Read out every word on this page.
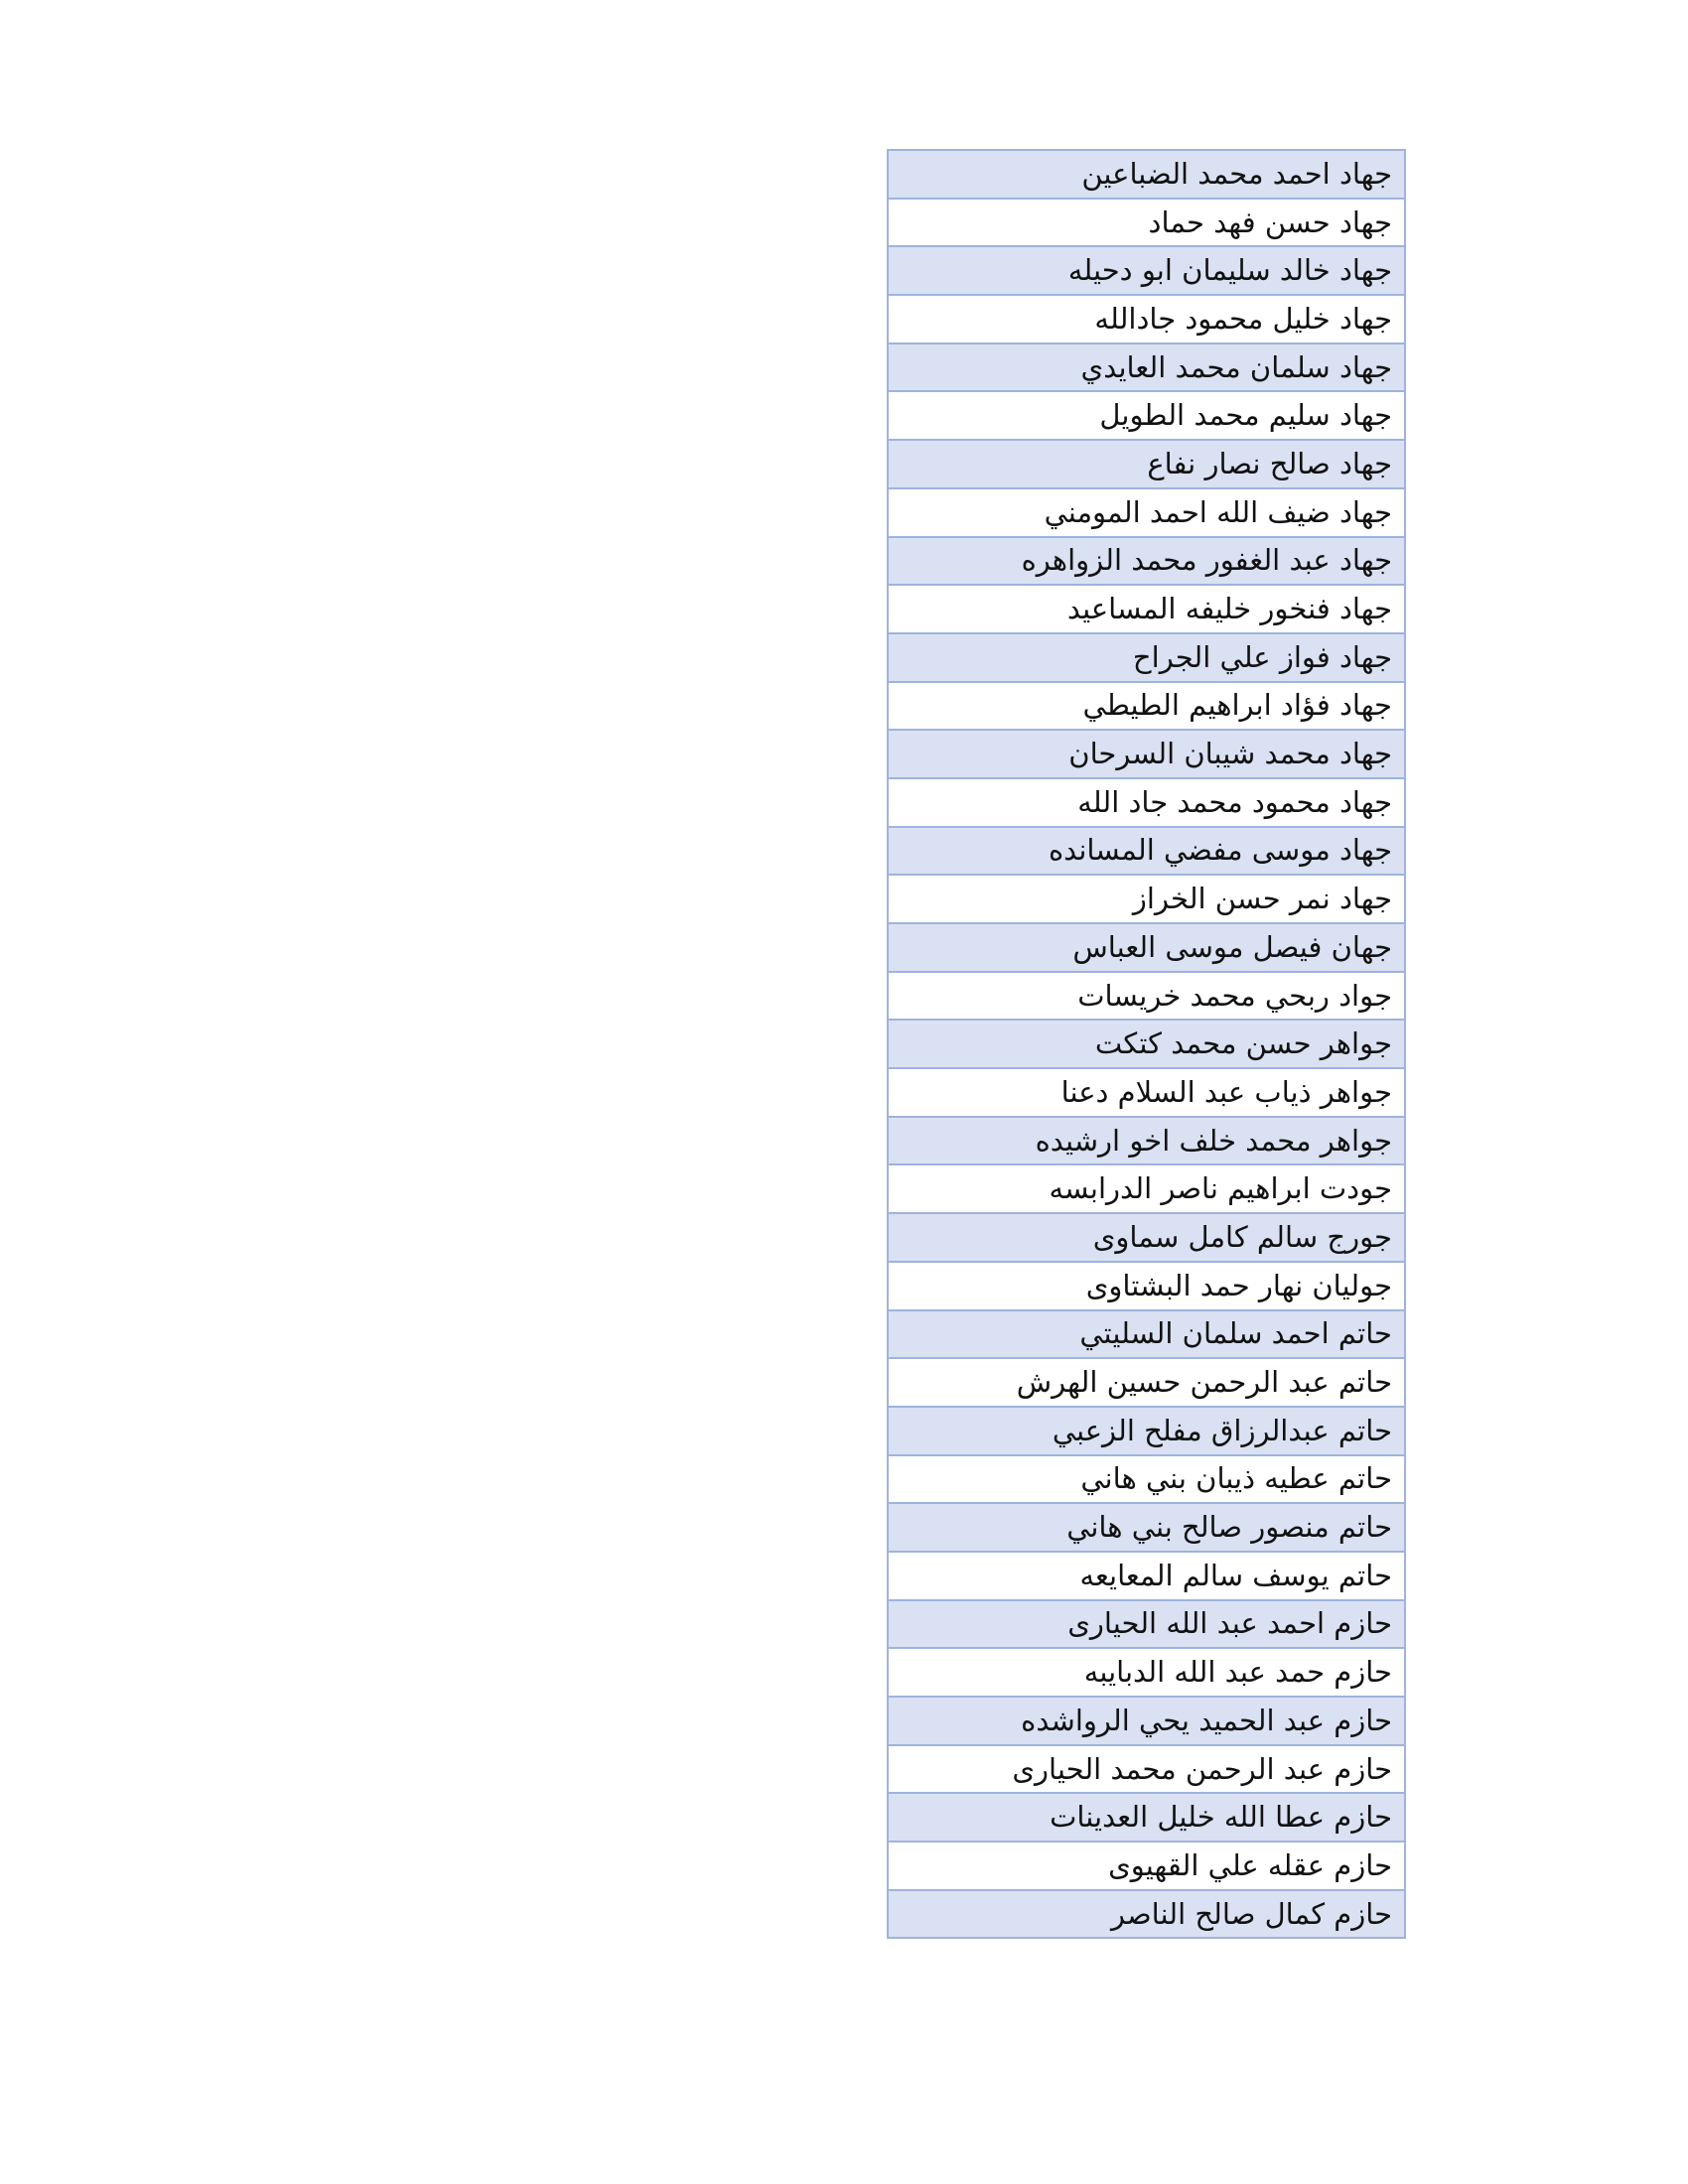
جهاد احمد محمد الضباعين
جهاد حسن فهد حماد
جهاد خالد سليمان ابو دحيله
جهاد خليل محمود جادالله
جهاد سلمان محمد العايدي
جهاد سليم محمد الطويل
جهاد صالح نصار نفاع
جهاد ضيف الله احمد المومني
جهاد عبد الغفور محمد الزواهره
جهاد فنخور خليفه المساعيد
جهاد فواز علي الجراح
جهاد فؤاد ابراهيم الطيطي
جهاد محمد شيبان السرحان
جهاد محمود محمد جاد الله
جهاد موسى مفضي المسانده
جهاد نمر حسن الخراز
جهان فيصل موسى العباس
جواد ربحي محمد خريسات
جواهر حسن محمد كتكت
جواهر ذياب عبد السلام دعنا
جواهر محمد خلف اخو ارشيده
جودت ابراهيم ناصر الدرابسه
جورج سالم كامل سماوى
جوليان نهار حمد البشتاوى
حاتم احمد سلمان السليتي
حاتم عبد الرحمن حسين الهرش
حاتم عبدالرزاق مفلح الزعبي
حاتم عطيه ذيبان بني هاني
حاتم منصور صالح بني هاني
حاتم يوسف سالم المعايعه
حازم احمد عبد الله الحيارى
حازم حمد عبد الله الدبايبه
حازم عبد الحميد يحي الرواشده
حازم عبد الرحمن محمد الحيارى
حازم عطا الله خليل العدينات
حازم عقله علي القهيوى
حازم كمال صالح الناصر
